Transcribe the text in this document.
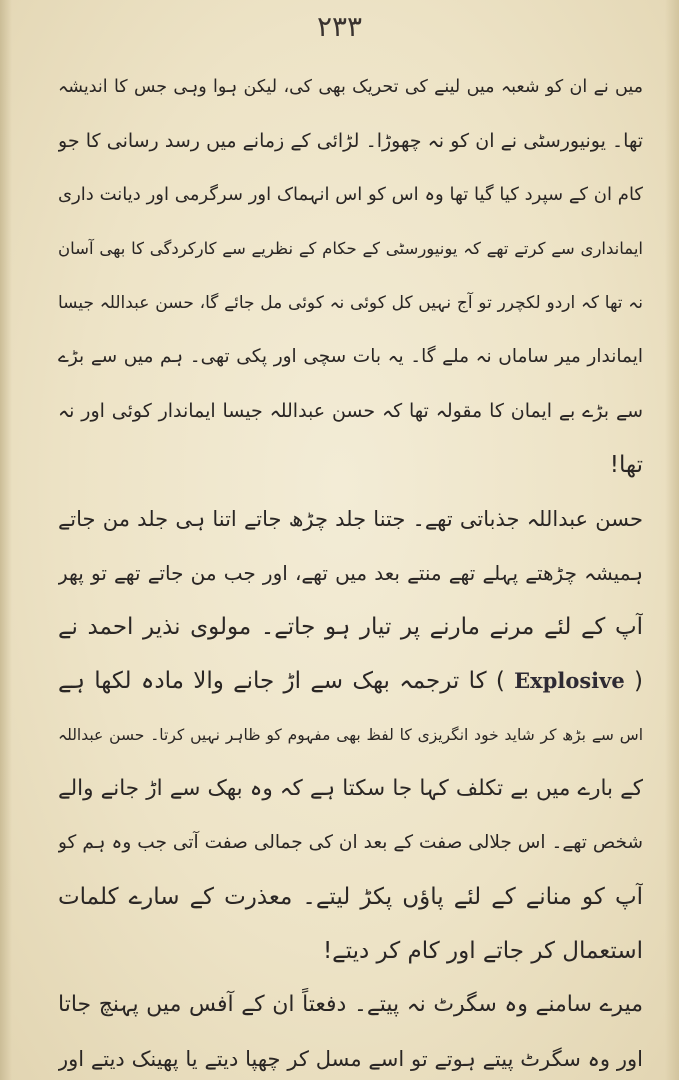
۲۳۳
میں نے ان کو شعبہ میں لینے کی تحریک بھی کی، لیکن ہوا وہی جس کا اندیشہ
تھا۔ یونیورسٹی نے ان کو نہ چھوڑا۔ لڑائی کے زمانے میں رسد رسانی کا جو
کام ان کے سپرد کیا گیا تھا وہ اس کو اس انہماک اور سرگرمی اور دیانت داری
ایمانداری سے کرتے تھے کہ یونیورسٹی کے حکام کے نظریے سے کارکردگی کا بھی آسان
نہ تھا کہ اردو لکچرر تو آج نہیں کل کوئی نہ کوئی مل جائے گا، حسن عبداللہ جیسا
ایماندار میر ساماں نہ ملے گا۔ یہ بات سچی اور پکی تھی۔ ہم میں سے بڑے
سے بڑے بے ایمان کا مقولہ تھا کہ حسن عبداللہ جیسا ایماندار کوئی اور نہ
تھا!
حسن عبداللہ جذباتی تھے۔ جتنا جلد چڑھ جاتے اتنا ہی جلد من جاتے
ہمیشہ چڑھتے پہلے تھے منتے بعد میں تھے، اور جب من جاتے تھے تو پھر
آپ کے لئے مرنے مارنے پر تیار ہو جاتے۔ مولوی نذیر احمد نے
( Explosive ) کا ترجمہ بھک سے اڑ جانے والا مادہ لکھا ہے
اس سے بڑھ کر شاید خود انگریزی کا لفظ بھی مفہوم کو ظاہر نہیں کرتا۔ حسن عبداللہ
کے بارے میں بے تکلف کہا جا سکتا ہے کہ وہ بھک سے اڑ جانے والے
شخص تھے۔ اس جلالی صفت کے بعد ان کی جمالی صفت آتی جب وہ ہم کو
آپ کو منانے کے لئے پاؤں پکڑ لیتے۔ معذرت کے سارے کلمات
استعمال کر جاتے اور کام کر دیتے!
میرے سامنے وہ سگرٹ نہ پیتے۔ دفعتاً ان کے آفس میں پہنچ جاتا
اور وہ سگرٹ پیتے ہوتے تو اسے مسل کر چھپا دیتے یا پھینک دیتے اور
